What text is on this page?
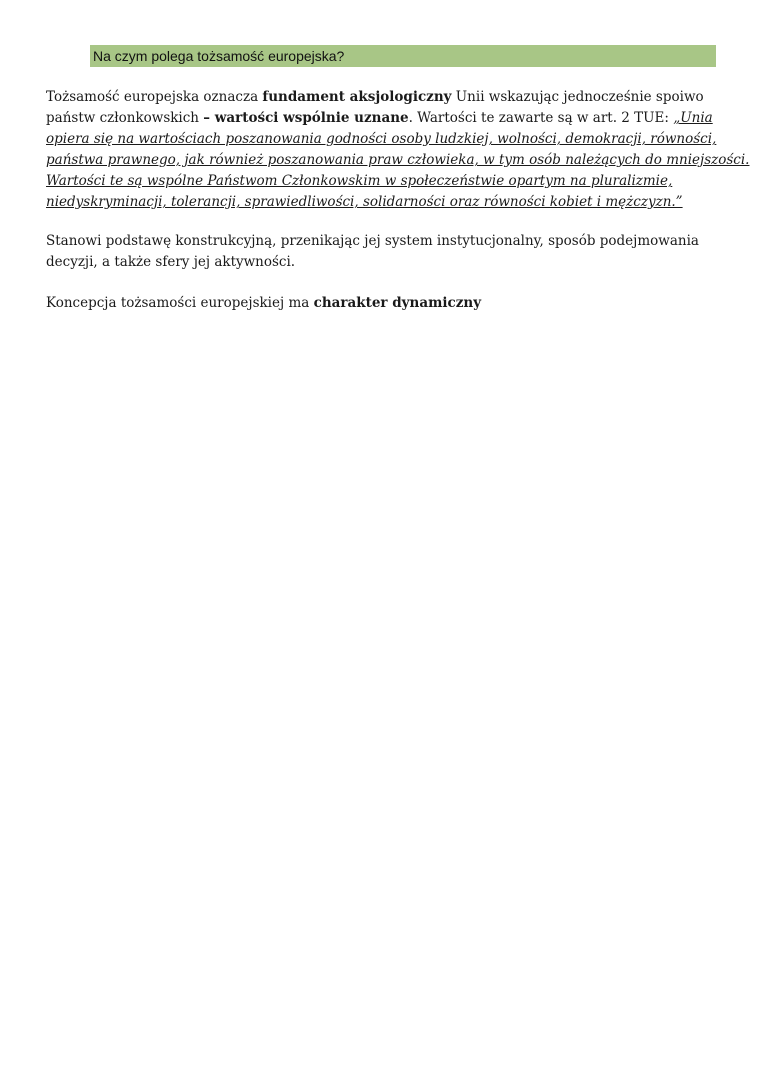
Na czym polega tożsamość europejska?
Tożsamość europejska oznacza fundament aksjologiczny Unii wskazując jednocześnie spoiwo
państw członkowskich – wartości wspólnie uznane. Wartości te zawarte są w art. 2 TUE: „Unia
opiera się na wartościach poszanowania godności osoby ludzkiej, wolności, demokracji, równości,
państwa prawnego, jak również poszanowania praw człowieka, w tym osób należących do mniejszości.
Wartości te są wspólne Państwom Członkowskim w społeczeństwie opartym na pluralizmie,
niedyskryminacji, tolerancji, sprawiedliwości, solidarności oraz równości kobiet i mężczyzn.”
Stanowi podstawę konstrukcyjną, przenikając jej system instytucjonalny, sposób podejmowania
decyzji, a także sfery jej aktywności.
Koncepcja tożsamości europejskiej ma charakter dynamiczny
